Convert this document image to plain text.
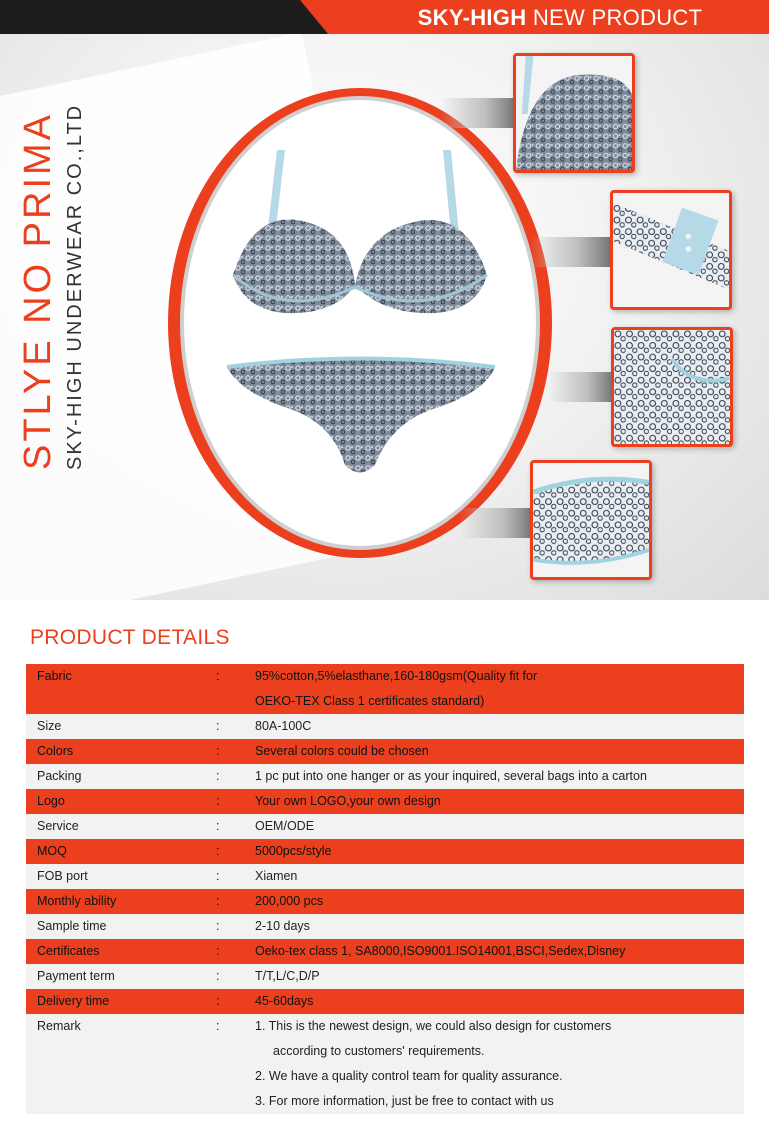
SKY-HIGH NEW PRODUCT
STLYE NO PRIMA SKY-HIGH UNDERWEAR CO.,LTD
PRODUCT DETAILS
Fabric	:	95%cotton,5%elasthane,160-180gsm(Quality fit for
OEKO-TEX Class 1 certificates standard)
Size	:	80A-100C
Colors	:	Several colors could be chosen
Packing	:	1 pc put into one hanger or as your inquired, several bags into a carton
Logo	:	Your own LOGO,your own design
Service	:	OEM/ODE
MOQ	:	5000pcs/style
FOB port	:	Xiamen
Monthly ability	:	200,000 pcs
Sample time	:	2-10 days
Certificates	:	Oeko-tex class 1, SA8000,ISO9001.ISO14001,BSCI,Sedex,Disney
Payment term	:	T/T,L/C,D/P
Delivery time	:	45-60days
Remark	:	1. This is the newest design, we could also design for customers
according to customers' requirements.
2. We have a quality control team for quality assurance.
3. For more information, just be free to contact with us
